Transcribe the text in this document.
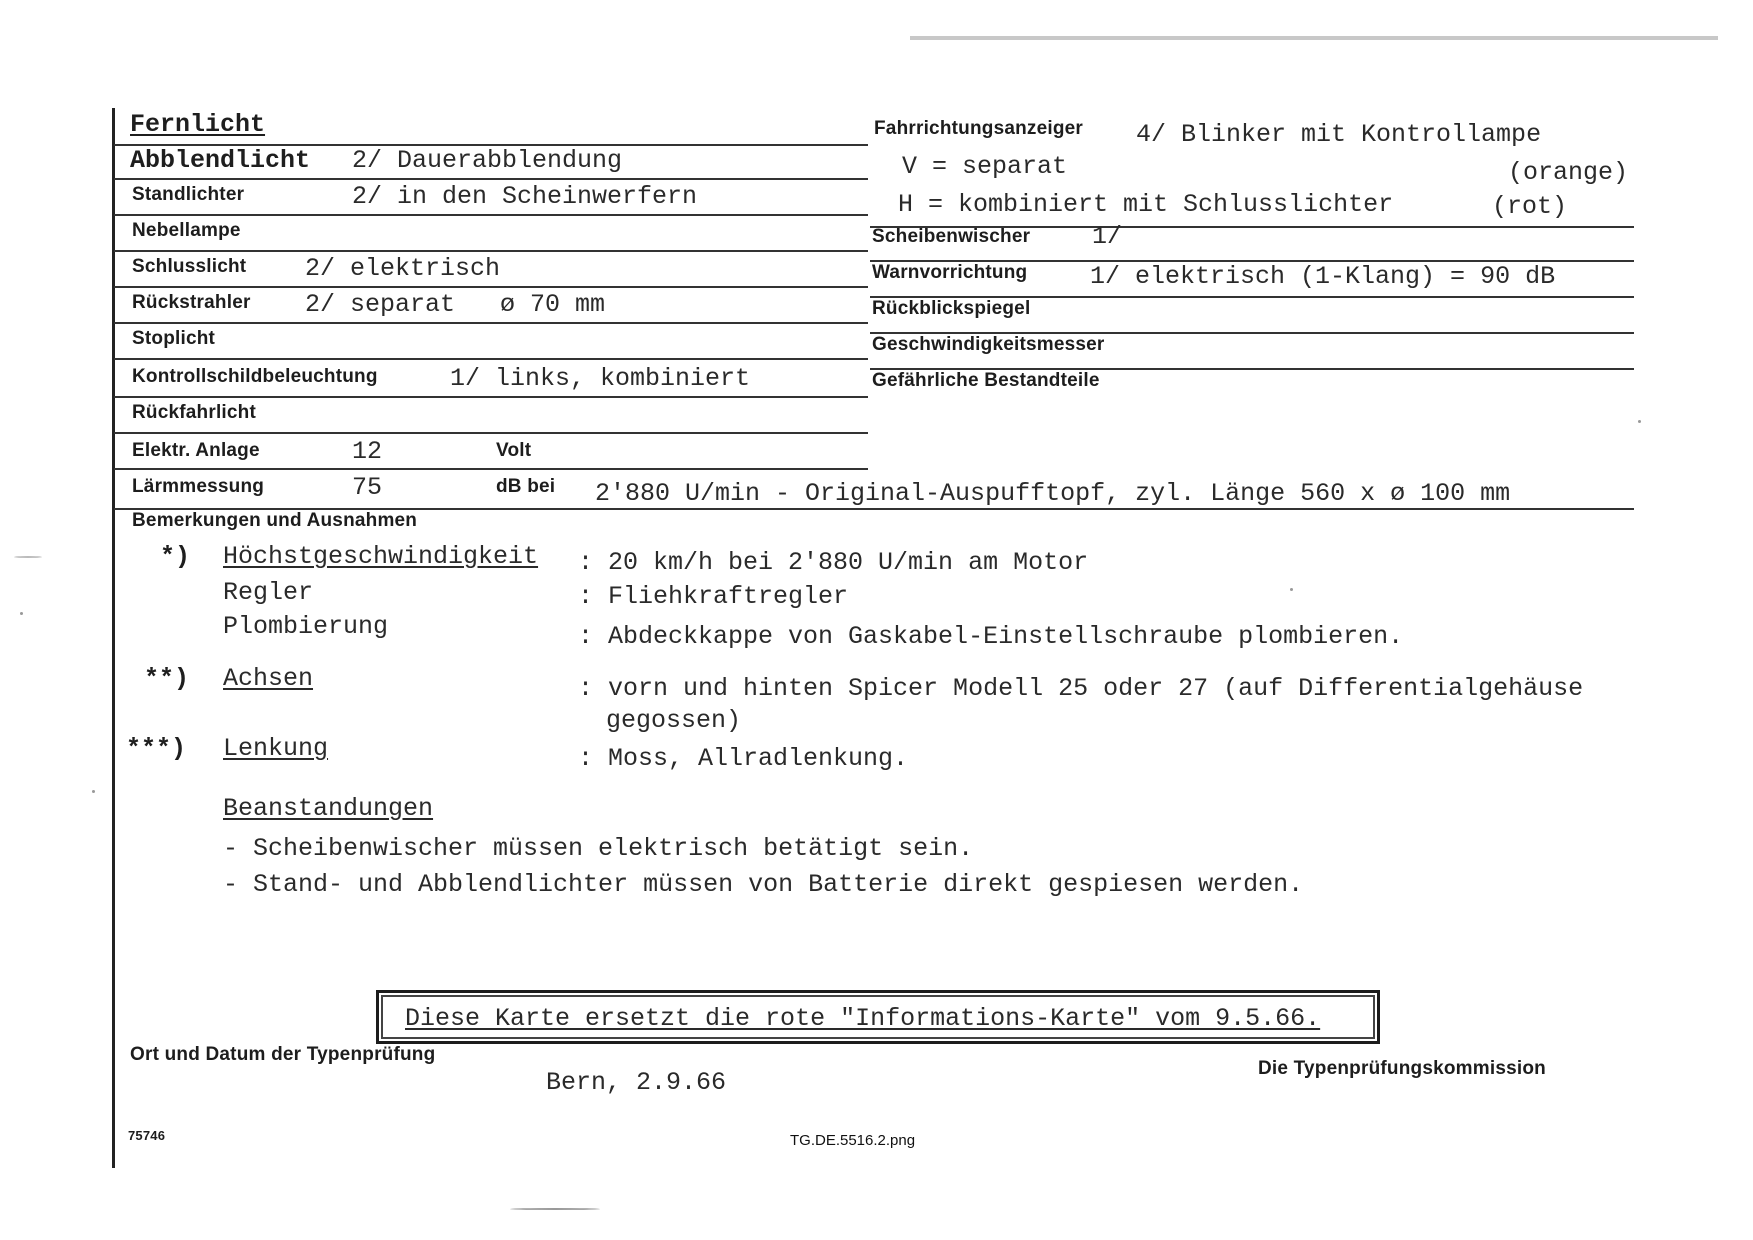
Fernlicht
Abblendlicht 2/ Dauerabblendung
Standlichter	2/ in den Scheinwerfern
Nebellampe
Schlusslicht 2/ elektrisch
Rückstrahler 2/ separat   ø 70 mm
Stoplicht
Kontrollschildbeleuchtung	1/ links, kombiniert
Rückfahrlicht
Elektr. Anlage	12	Volt
Lärmmessung	75	dB bei 2'880 U/min - Original-Auspufftopf, zyl. Länge 560 x ø 100 mm
Fahrrichtungsanzeiger 4/ Blinker mit Kontrollampe
V = separat	(orange)
H = kombiniert mit Schlusslichter	(rot)
Scheibenwischer 1/
Warnvorrichtung	1/ elektrisch (1-Klang) = 90 dB
Rückblickspiegel
Geschwindigkeitsmesser
Gefährliche Bestandteile
Bemerkungen und Ausnahmen
*) Höchstgeschwindigkeit : 20 km/h bei 2'880 U/min am Motor
Regler	: Fliehkraftregler
Plombierung	: Abdeckkappe von Gaskabel-Einstellschraube plombieren.
**) Achsen	: vorn und hinten Spicer Modell 25 oder 27 (auf Differentialgehäuse
gegossen)
***) Lenkung	: Moss, Allradlenkung.
Beanstandungen
- Scheibenwischer müssen elektrisch betätigt sein.
- Stand- und Abblendlichter müssen von Batterie direkt gespiesen werden.
Diese Karte ersetzt die rote "Informations-Karte" vom 9.5.66.
Ort und Datum der Typenprüfung
Bern, 2.9.66	Die Typenprüfungskommission
75746	TG.DE.5516.2.png
